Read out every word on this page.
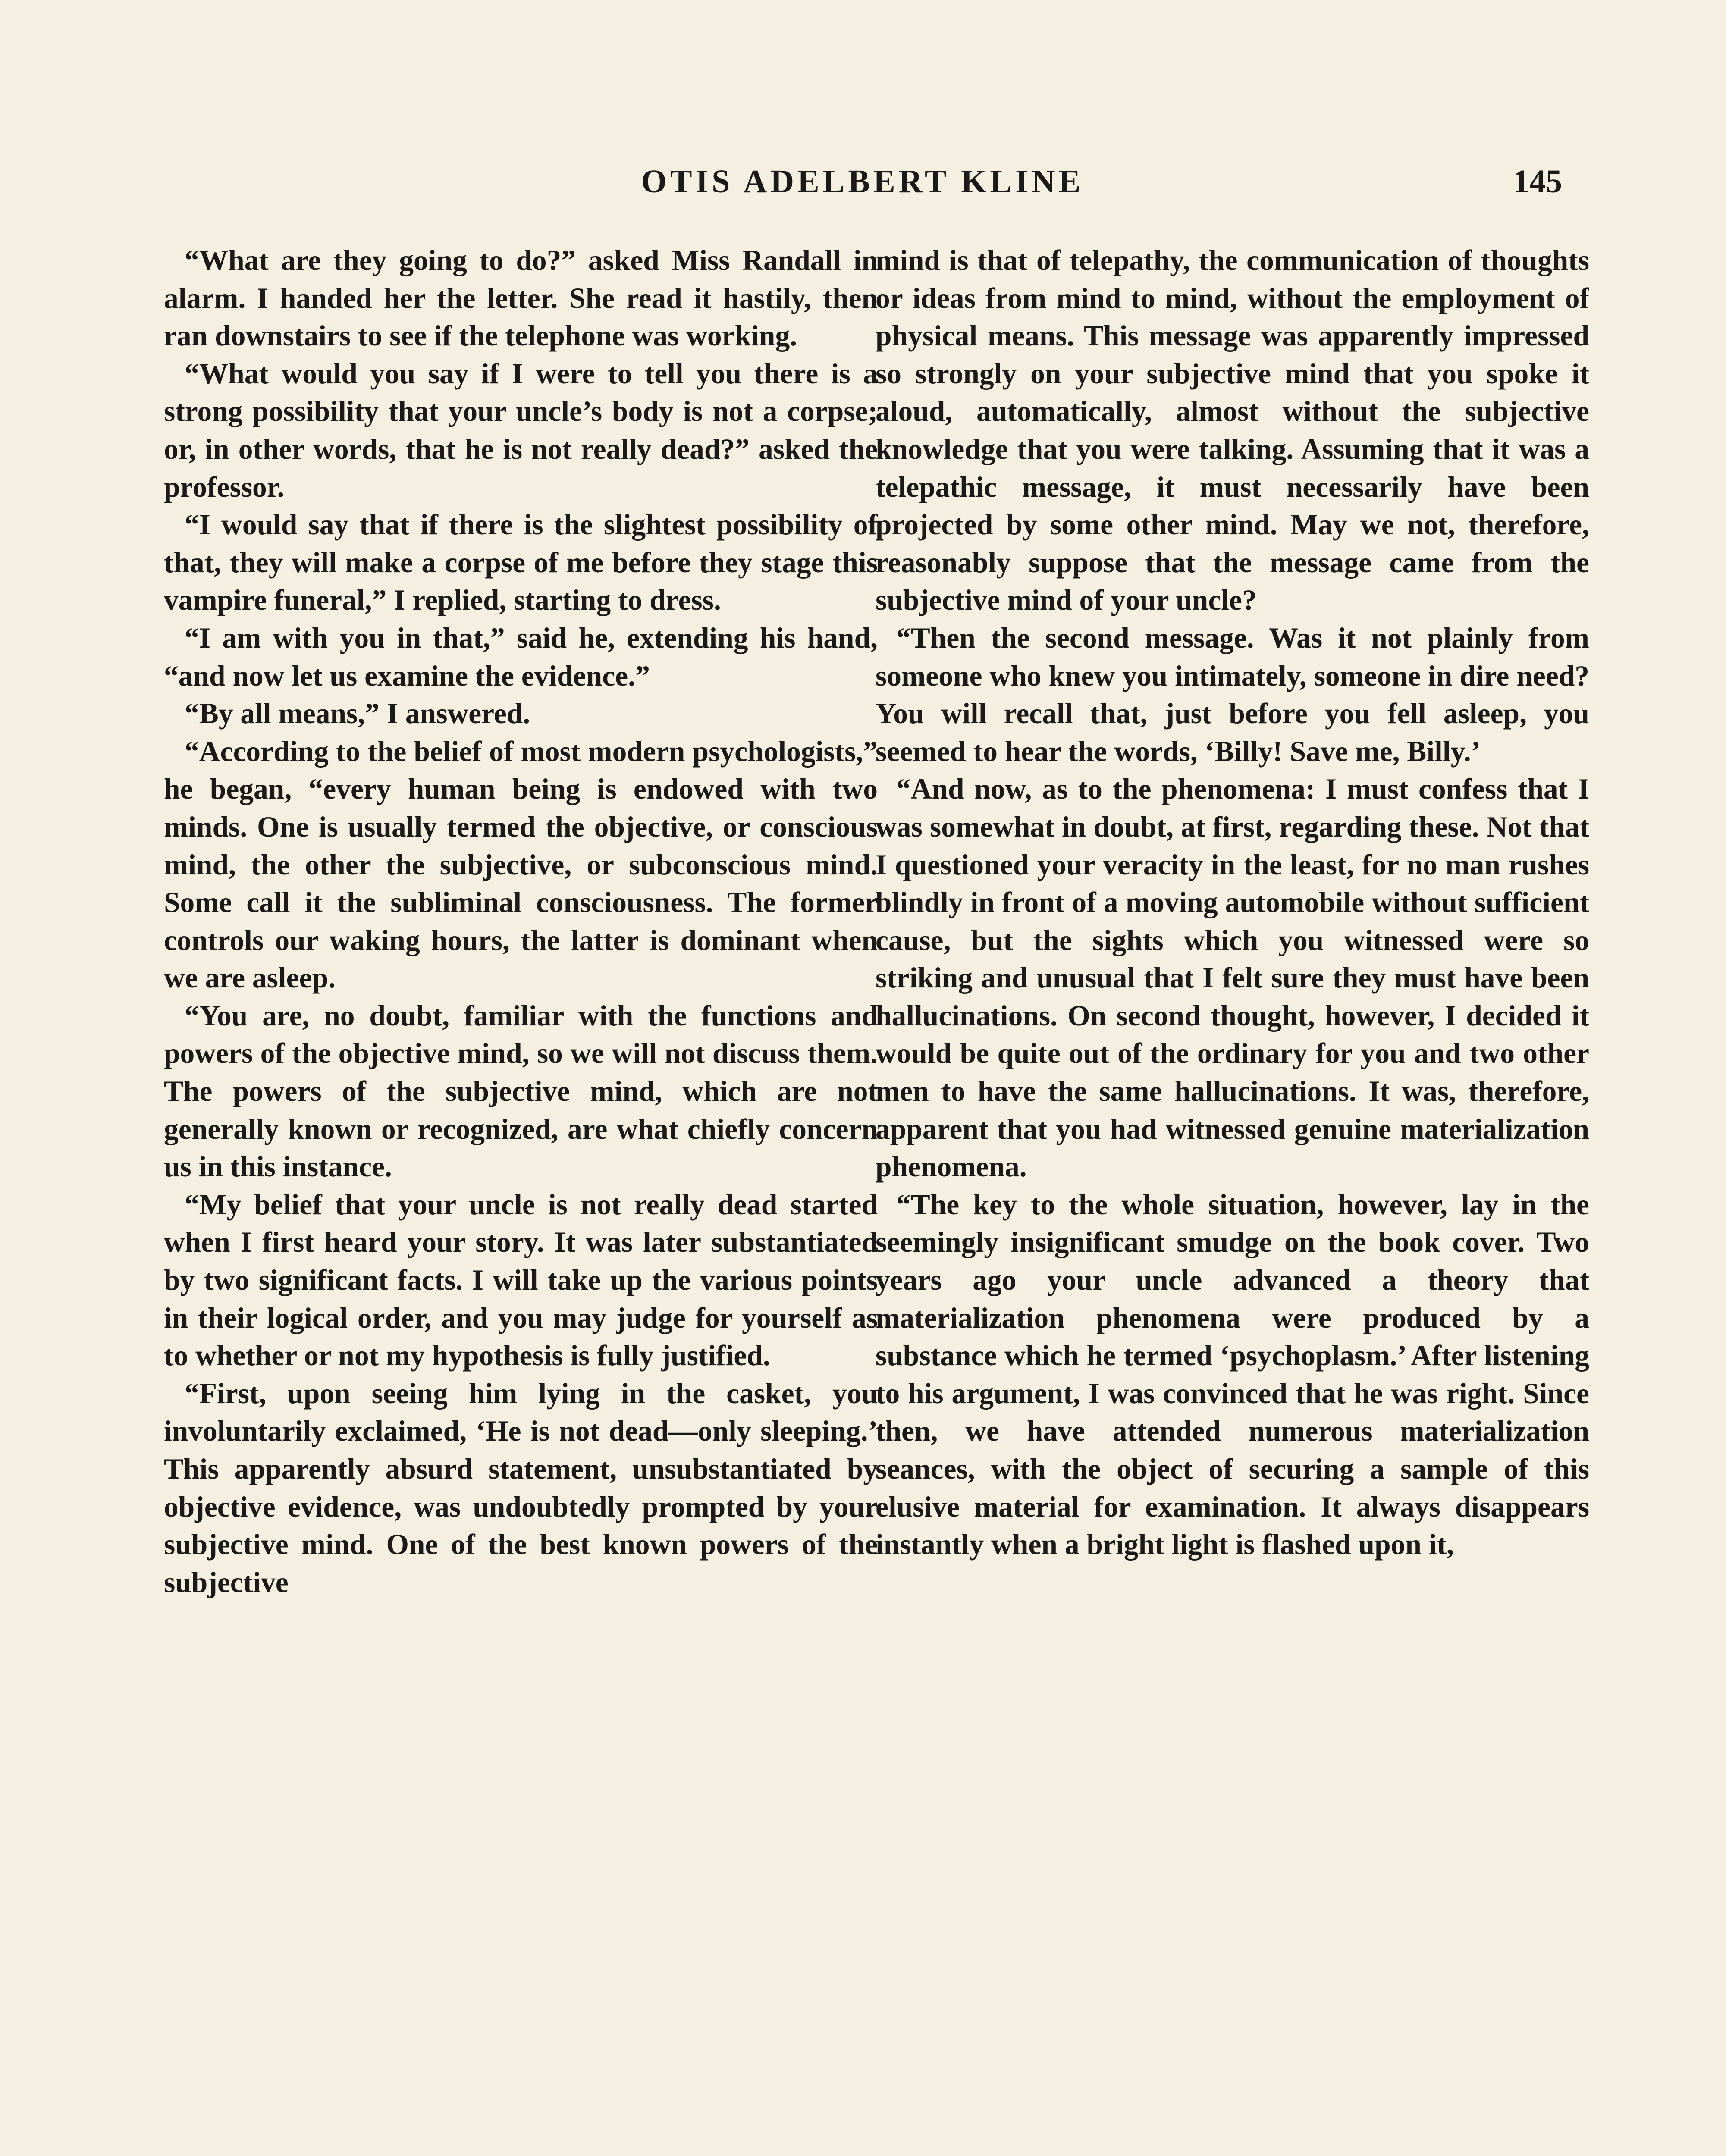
OTIS ADELBERT KLINE	145

“What are they going to do?” asked Miss Randall in alarm. I handed her the letter. She read it hastily, then ran downstairs to see if the telephone was working.

“What would you say if I were to tell you there is a strong possibility that your uncle’s body is not a corpse; or, in other words, that he is not really dead?” asked the professor.

“I would say that if there is the slightest possibility of that, they will make a corpse of me before they stage this vampire funeral,” I replied, starting to dress.

“I am with you in that,” said he, extending his hand, “and now let us examine the evidence.”

“By all means,” I answered.

“According to the belief of most modern psychologists,” he began, “every human being is endowed with two minds. One is usually termed the objective, or conscious mind, the other the subjective, or subconscious mind. Some call it the subliminal consciousness. The former controls our waking hours, the latter is dominant when we are asleep.

“You are, no doubt, familiar with the functions and powers of the objective mind, so we will not discuss them. The powers of the subjective mind, which are not generally known or recognized, are what chiefly concern us in this instance.

“My belief that your uncle is not really dead started when I first heard your story. It was later substantiated by two significant facts. I will take up the various points in their logical order, and you may judge for yourself as to whether or not my hypothesis is fully justified.

“First, upon seeing him lying in the casket, you involuntarily exclaimed, ‘He is not dead—only sleeping.’ This apparently absurd statement, unsubstantiated by objective evidence, was undoubtedly prompted by your subjective mind. One of the best known powers of the subjective

mind is that of telepathy, the communication of thoughts or ideas from mind to mind, without the employment of physical means. This message was apparently impressed so strongly on your subjective mind that you spoke it aloud, automatically, almost without the subjective knowledge that you were talking. Assuming that it was a telepathic message, it must necessarily have been projected by some other mind. May we not, therefore, reasonably suppose that the message came from the subjective mind of your uncle?

“Then the second message. Was it not plainly from someone who knew you intimately, someone in dire need? You will recall that, just before you fell asleep, you seemed to hear the words, ‘Billy! Save me, Billy.’

“And now, as to the phenomena: I must confess that I was somewhat in doubt, at first, regarding these. Not that I questioned your veracity in the least, for no man rushes blindly in front of a moving automobile without sufficient cause, but the sights which you witnessed were so striking and unusual that I felt sure they must have been hallucinations. On second thought, however, I decided it would be quite out of the ordinary for you and two other men to have the same hallucinations. It was, therefore, apparent that you had witnessed genuine materialization phenomena.

“The key to the whole situation, however, lay in the seemingly insignificant smudge on the book cover. Two years ago your uncle advanced a theory that materialization phenomena were produced by a substance which he termed ‘psychoplasm.’ After listening to his argument, I was convinced that he was right. Since then, we have attended numerous materialization seances, with the object of securing a sample of this elusive material for examination. It always disappears instantly when a bright light is flashed upon it,
